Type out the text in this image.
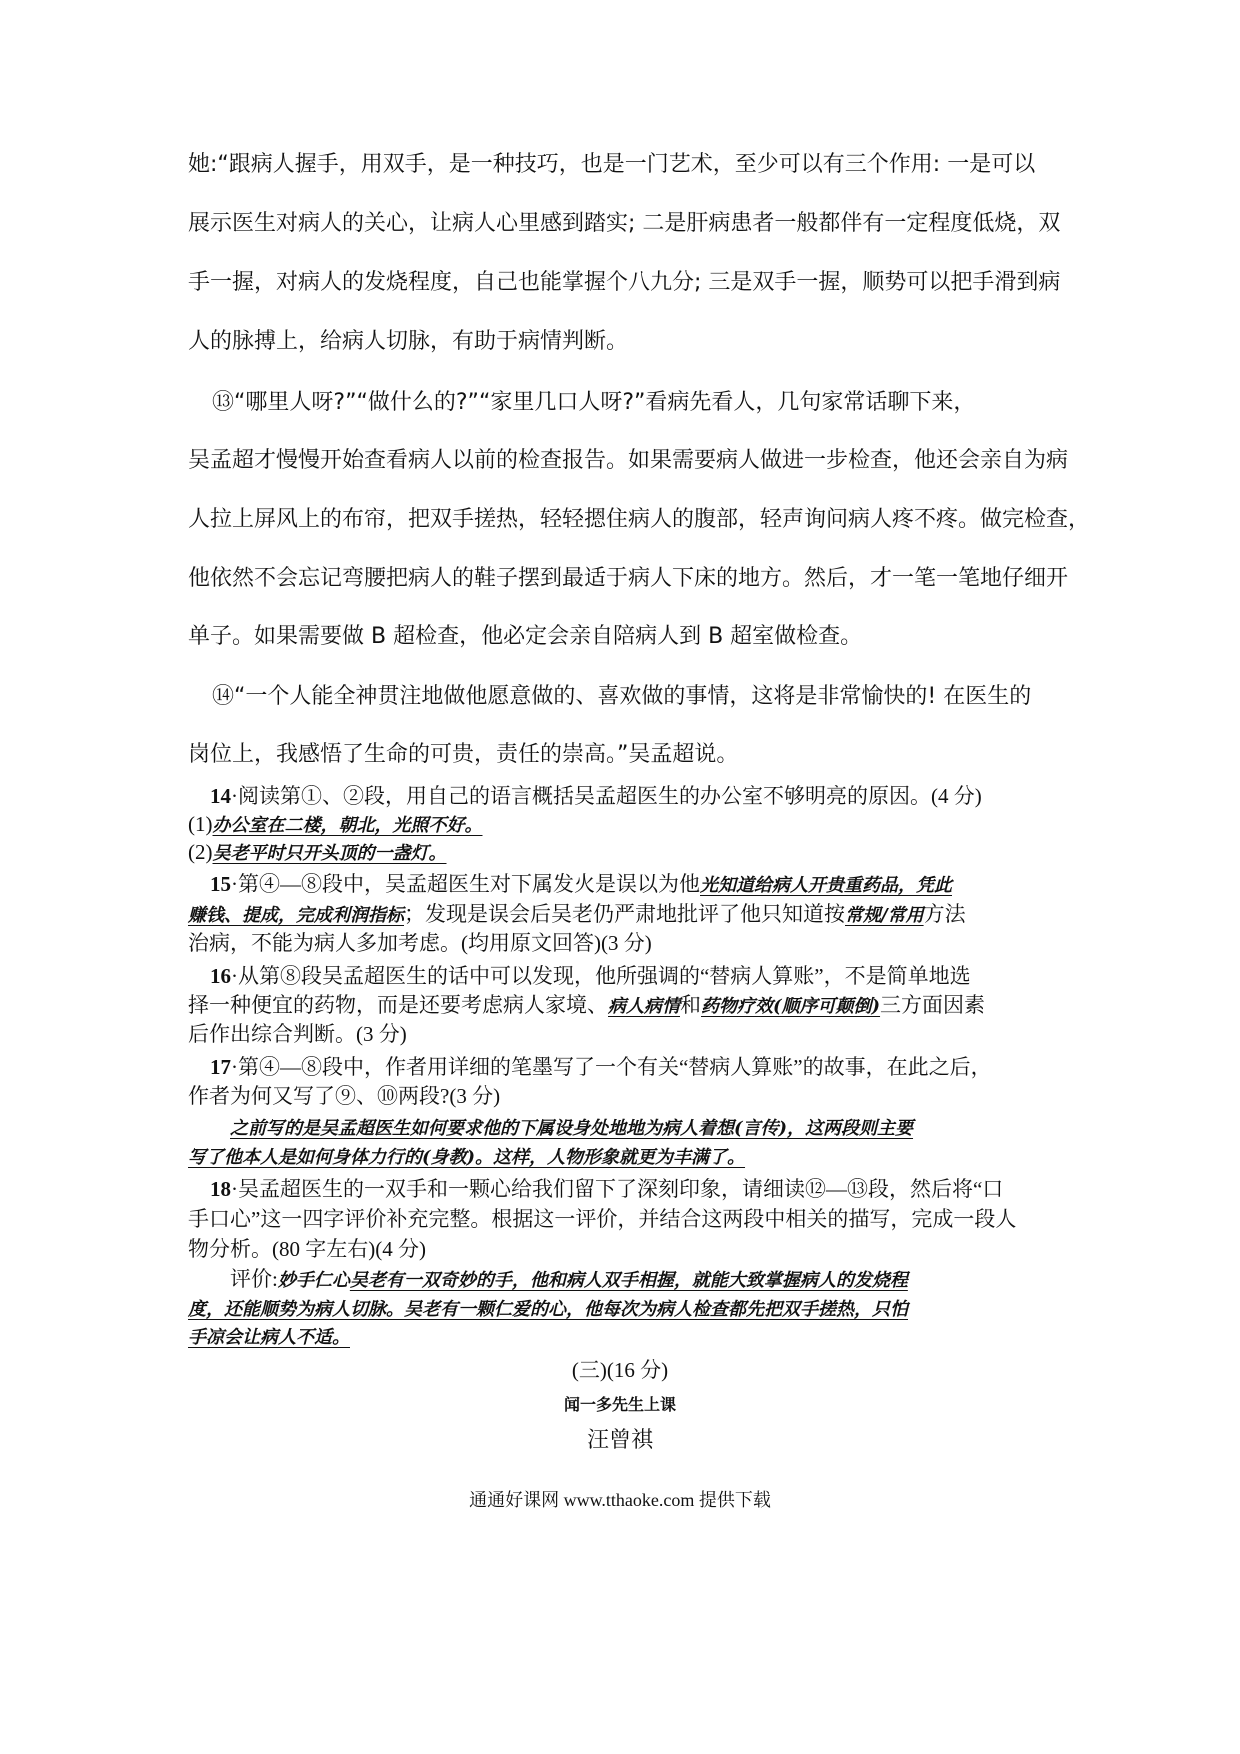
她:“跟病人握手，用双手，是一种技巧，也是一门艺术，至少可以有三个作用: 一是可以
展示医生对病人的关心，让病人心里感到踏实; 二是肝病患者一般都伴有一定程度低烧，双
手一握，对病人的发烧程度，自己也能掌握个八九分; 三是双手一握，顺势可以把手滑到病
人的脉搏上，给病人切脉，有助于病情判断。
⑬“哪里人呀?”“做什么的?”“家里几口人呀?”看病先看人，几句家常话聊下来，
吴孟超才慢慢开始查看病人以前的检查报告。如果需要病人做进一步检查，他还会亲自为病
人拉上屏风上的布帘，把双手搓热，轻轻摁住病人的腹部，轻声询问病人疼不疼。做完检查，
他依然不会忘记弯腰把病人的鞋子摆到最适于病人下床的地方。然后，才一笔一笔地仔细开
单子。如果需要做 B 超检查，他必定会亲自陪病人到 B 超室做检查。
⑭“一个人能全神贯注地做他愿意做的、喜欢做的事情，这将是非常愉快的! 在医生的
岗位上，我感悟了生命的可贵，责任的崇高。”吴孟超说。
14·阅读第①、②段，用自己的语言概括吴孟超医生的办公室不够明亮的原因。(4 分)
(1)办公室在二楼，朝北，光照不好。
(2)吴老平时只开头顶的一盏灯。
15·第④—⑧段中，吴孟超医生对下属发火是误以为他光知道给病人开贵重药品，凭此
赚钱、提成，完成利润指标；发现是误会后吴老仍严肃地批评了他只知道按常规/常用方法
治病，不能为病人多加考虑。(均用原文回答)(3 分)
16·从第⑧段吴孟超医生的话中可以发现，他所强调的“替病人算账”，不是简单地选
择一种便宜的药物，而是还要考虑病人家境、病人病情和药物疗效(顺序可颠倒)三方面因素
后作出综合判断。(3 分)
17·第④—⑧段中，作者用详细的笔墨写了一个有关“替病人算账”的故事，在此之后，
作者为何又写了⑨、⑩两段?(3 分)
之前写的是吴孟超医生如何要求他的下属设身处地地为病人着想(言传)，这两段则主要
写了他本人是如何身体力行的(身教)。这样，人物形象就更为丰满了。
18·吴孟超医生的一双手和一颗心给我们留下了深刻印象，请细读⑫—⑬段，然后将“口
手口心”这一四字评价补充完整。根据这一评价，并结合这两段中相关的描写，完成一段人
物分析。(80 字左右)(4 分)
评价:妙手仁心吴老有一双奇妙的手，他和病人双手相握，就能大致掌握病人的发烧程
度，还能顺势为病人切脉。吴老有一颗仁爱的心，他每次为病人检查都先把双手搓热，只怕
手凉会让病人不适。
(三)(16 分)
闻一多先生上课
汪曾祺
通通好课网 www.tthaoke.com 提供下载
